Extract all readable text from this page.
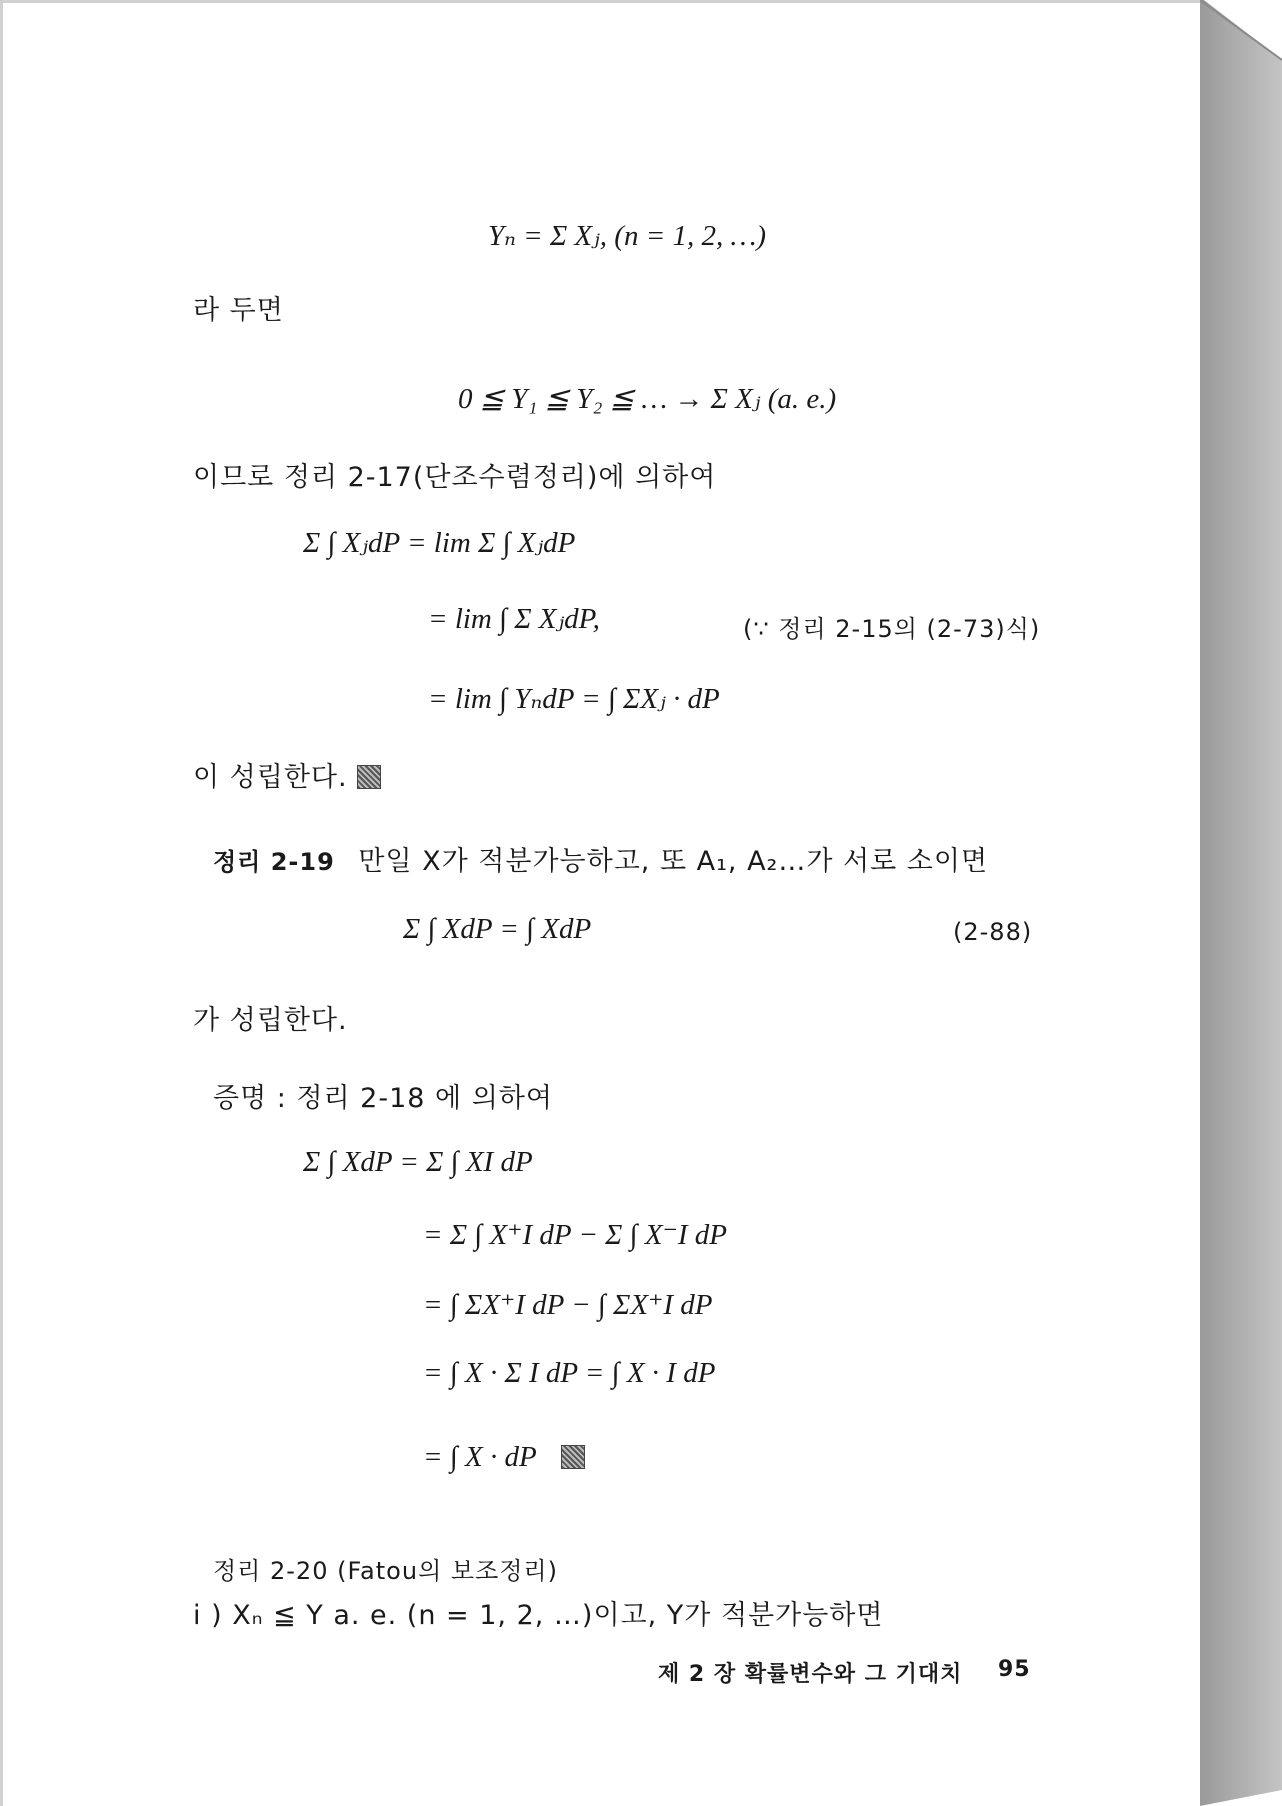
Yₙ = Σ Xⱼ, (n = 1, 2, …)
라 두면
0 ≦ Y₁ ≦ Y₂ ≦ … → Σ Xⱼ (a. e.)
이므로 정리 2-17(단조수렴정리)에 의하여
Σ ∫ XⱼdP = lim Σ ∫ XⱼdP
= lim ∫ Σ XⱼdP,	(∵ 정리 2-15의 (2-73)식)
= lim ∫ YₙdP = ∫ ΣXⱼ · dP
이 성립한다.
정리 2-19 만일 X가 적분가능하고, 또 A₁, A₂…가 서로 소이면
Σ ∫ XdP = ∫ XdP	(2-88)
가 성립한다.
증명 : 정리 2-18 에 의하여
Σ ∫ XdP = Σ ∫ XI dP
= Σ ∫ X⁺I dP − Σ ∫ X⁻I dP
= ∫ ΣX⁺I dP − ∫ ΣX⁺I dP
= ∫ X · Σ I dP = ∫ X · I dP
= ∫ X · dP
정리 2-20 (Fatou의 보조정리)
i ) Xₙ ≦ Y a. e. (n = 1, 2, …)이고, Y가 적분가능하면
제 2 장 확률변수와 그 기대치 95
